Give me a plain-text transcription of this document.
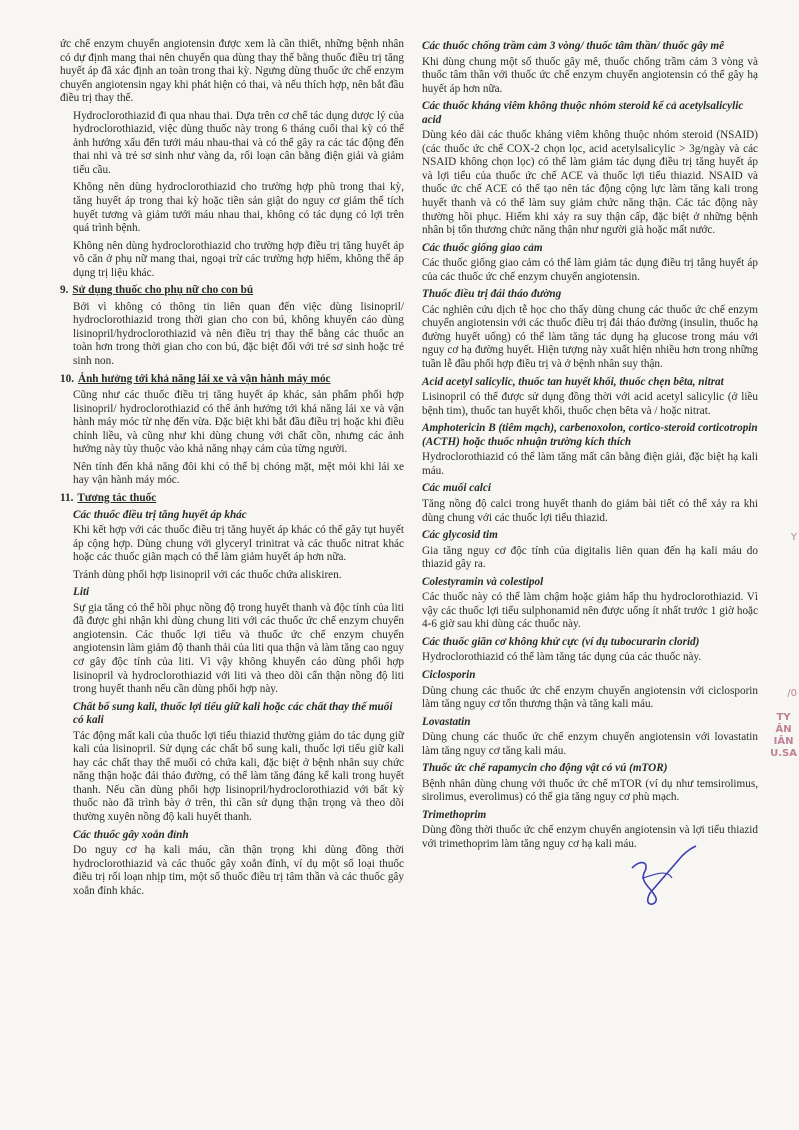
ức chế enzym chuyển angiotensin được xem là cần thiết, những bệnh nhân có dự định mang thai nên chuyển qua dùng thay thế bằng thuốc điều trị tăng huyết áp đã xác định an toàn trong thai kỳ. Ngưng dùng thuốc ức chế enzym chuyển angiotensin ngay khi phát hiện có thai, và nếu thích hợp, nên bắt đầu điều trị thay thế.

Hydroclorothiazid đi qua nhau thai. Dựa trên cơ chế tác dụng dược lý của hydroclorothiazid, việc dùng thuốc này trong 6 tháng cuối thai kỳ có thể ảnh hưởng xấu đến tưới máu nhau-thai và có thể gây ra các tác động đến thai nhi và trẻ sơ sinh như vàng da, rối loạn cân bằng điện giải và giảm tiểu cầu.

Không nên dùng hydroclorothiazid cho trường hợp phù trong thai kỳ, tăng huyết áp trong thai kỳ hoặc tiền sản giật do nguy cơ giảm thể tích huyết tương và giảm tưới máu nhau thai, không có tác dụng có lợi trên quá trình bệnh.

Không nên dùng hydroclorothiazid cho trường hợp điều trị tăng huyết áp vô căn ở phụ nữ mang thai, ngoại trừ các trường hợp hiếm, không thể áp dụng trị liệu khác.

9. Sử dụng thuốc cho phụ nữ cho con bú

Bởi vì không có thông tin liên quan đến việc dùng lisinopril/ hydroclorothiazid trong thời gian cho con bú, không khuyến cáo dùng lisinopril/hydroclorothiazid và nên điều trị thay thế bằng các thuốc an toàn hơn trong thời gian cho con bú, đặc biệt đối với trẻ sơ sinh hoặc trẻ sinh non.

10. Ảnh hưởng tới khả năng lái xe và vận hành máy móc

Cũng như các thuốc điều trị tăng huyết áp khác, sản phẩm phối hợp lisinopril/ hydroclorothiazid có thể ảnh hưởng tới khả năng lái xe và vận hành máy móc từ nhẹ đến vừa. Đặc biệt khi bắt đầu điều trị hoặc khi điều chỉnh liều, và cũng như khi dùng chung với chất cồn, nhưng các ảnh hưởng này tùy thuộc vào khả năng nhạy cảm của từng người.

Nên tính đến khả năng đôi khi có thể bị chóng mặt, mệt mỏi khi lái xe hay vận hành máy móc.

11. Tương tác thuốc
Các thuốc điều trị tăng huyết áp khác

Khi kết hợp với các thuốc điều trị tăng huyết áp khác có thể gây tụt huyết áp cộng hợp. Dùng chung với glyceryl trinitrat và các thuốc nitrat khác hoặc các thuốc giãn mạch có thể làm giảm huyết áp hơn nữa.

Tránh dùng phối hợp lisinopril với các thuốc chứa aliskiren.

Liti

Sự gia tăng có thể hồi phục nồng độ trong huyết thanh và độc tính của liti đã được ghi nhận khi dùng chung liti với các thuốc ức chế enzym chuyển angiotensin. Các thuốc lợi tiểu và thuốc ức chế enzym chuyển angiotensin làm giảm độ thanh thải của liti qua thận và làm tăng cao nguy cơ gây độc tính của liti. Vì vậy không khuyến cáo dùng phối hợp lisinopril và hydroclorothiazid với liti và theo dõi cẩn thận nồng độ liti trong huyết thanh nếu cần dùng phối hợp này.

Chất bổ sung kali, thuốc lợi tiểu giữ kali hoặc các chất thay thế muối có kali

Tác động mất kali của thuốc lợi tiểu thiazid thường giảm do tác dụng giữ kali của lisinopril. Sử dụng các chất bổ sung kali, thuốc lợi tiểu giữ kali hay các chất thay thế muối có chứa kali, đặc biệt ở bệnh nhân suy chức năng thận hoặc đái tháo đường, có thể làm tăng đáng kể kali trong huyết thanh. Nếu cần dùng phối hợp lisinopril/hydroclorothiazid với bất kỳ thuốc nào đã trình bày ở trên, thì cần sử dụng thận trọng và theo dõi thường xuyên nồng độ kali huyết thanh.

Các thuốc gây xoắn đỉnh

Do nguy cơ hạ kali máu, cần thận trọng khi dùng đồng thời hydroclorothiazid và các thuốc gây xoắn đỉnh, ví dụ một số loại thuốc điều trị rối loạn nhịp tim, một số thuốc điều trị tâm thần và các thuốc gây xoắn đỉnh khác.

Các thuốc chống trầm cảm 3 vòng/ thuốc tâm thần/ thuốc gây mê

Khi dùng chung một số thuốc gây mê, thuốc chống trầm cảm 3 vòng và thuốc tâm thần với thuốc ức chế enzym chuyển angiotensin có thể gây hạ huyết áp hơn nữa.

Các thuốc kháng viêm không thuộc nhóm steroid kể cả acetylsalicylic acid

Dùng kéo dài các thuốc kháng viêm không thuộc nhóm steroid (NSAID) (các thuốc ức chế COX-2 chọn lọc, acid acetylsalicylic > 3g/ngày và các NSAID không chọn lọc) có thể làm giảm tác dụng điều trị tăng huyết áp và lợi tiểu của thuốc ức chế ACE và thuốc lợi tiểu thiazid. NSAID và thuốc ức chế ACE có thể tạo nên tác động cộng lực làm tăng kali trong huyết thanh và có thể làm suy giảm chức năng thận. Các tác động này thường hồi phục. Hiếm khi xảy ra suy thận cấp, đặc biệt ở những bệnh nhân bị tổn thương chức năng thận như người già hoặc mất nước.

Các thuốc giống giao cảm

Các thuốc giống giao cảm có thể làm giảm tác dụng điều trị tăng huyết áp của các thuốc ức chế enzym chuyển angiotensin.

Thuốc điều trị đái tháo đường

Các nghiên cứu dịch tễ học cho thấy dùng chung các thuốc ức chế enzym chuyển angiotensin với các thuốc điều trị đái tháo đường (insulin, thuốc hạ đường huyết uống) có thể làm tăng tác dụng hạ glucose trong máu với nguy cơ hạ đường huyết. Hiện tượng này xuất hiện nhiều hơn trong những tuần lễ đầu phối hợp điều trị và ở bệnh nhân suy thận.

Acid acetyl salicylic, thuốc tan huyết khối, thuốc chẹn bêta, nitrat

Lisinopril có thể được sử dụng đồng thời với acid acetyl salicylic (ở liều bệnh tim), thuốc tan huyết khối, thuốc chẹn bêta và / hoặc nitrat.

Amphotericin B (tiêm mạch), carbenoxolon, cortico-steroid corticotropin (ACTH) hoặc thuốc nhuận trường kích thích

Hydroclorothiazid có thể làm tăng mất cân bằng điện giải, đặc biệt hạ kali máu.

Các muối calci

Tăng nồng độ calci trong huyết thanh do giảm bài tiết có thể xảy ra khi dùng chung với các thuốc lợi tiểu thiazid.

Các glycosid tim

Gia tăng nguy cơ độc tính của digitalis liên quan đến hạ kali máu do thiazid gây ra.

Colestyramin và colestipol

Các thuốc này có thể làm chậm hoặc giảm hấp thu hydroclorothiazid. Vì vậy các thuốc lợi tiểu sulphonamid nên được uống ít nhất trước 1 giờ hoặc 4-6 giờ sau khi dùng các thuốc này.

Các thuốc giãn cơ không khử cực (ví dụ tubocurarin clorid)

Hydroclorothiazid có thể làm tăng tác dụng của các thuốc này.

Ciclosporin

Dùng chung các thuốc ức chế enzym chuyển angiotensin với ciclosporin làm tăng nguy cơ tổn thương thận và tăng kali máu.

Lovastatin

Dùng chung các thuốc ức chế enzym chuyển angiotensin với lovastatin làm tăng nguy cơ tăng kali máu.

Thuốc ức chế rapamycin cho động vật có vú (mTOR)

Bệnh nhân dùng chung với thuốc ức chế mTOR (ví dụ như temsirolimus, sirolimus, everolimus) có thể gia tăng nguy cơ phù mạch.

Trimethoprim

Dùng đồng thời thuốc ức chế enzym chuyển angiotensin và lợi tiểu thiazid với trimethoprim làm tăng nguy cơ hạ kali máu.

Y
/0
TY
ÂN
IÂN
U.SA
